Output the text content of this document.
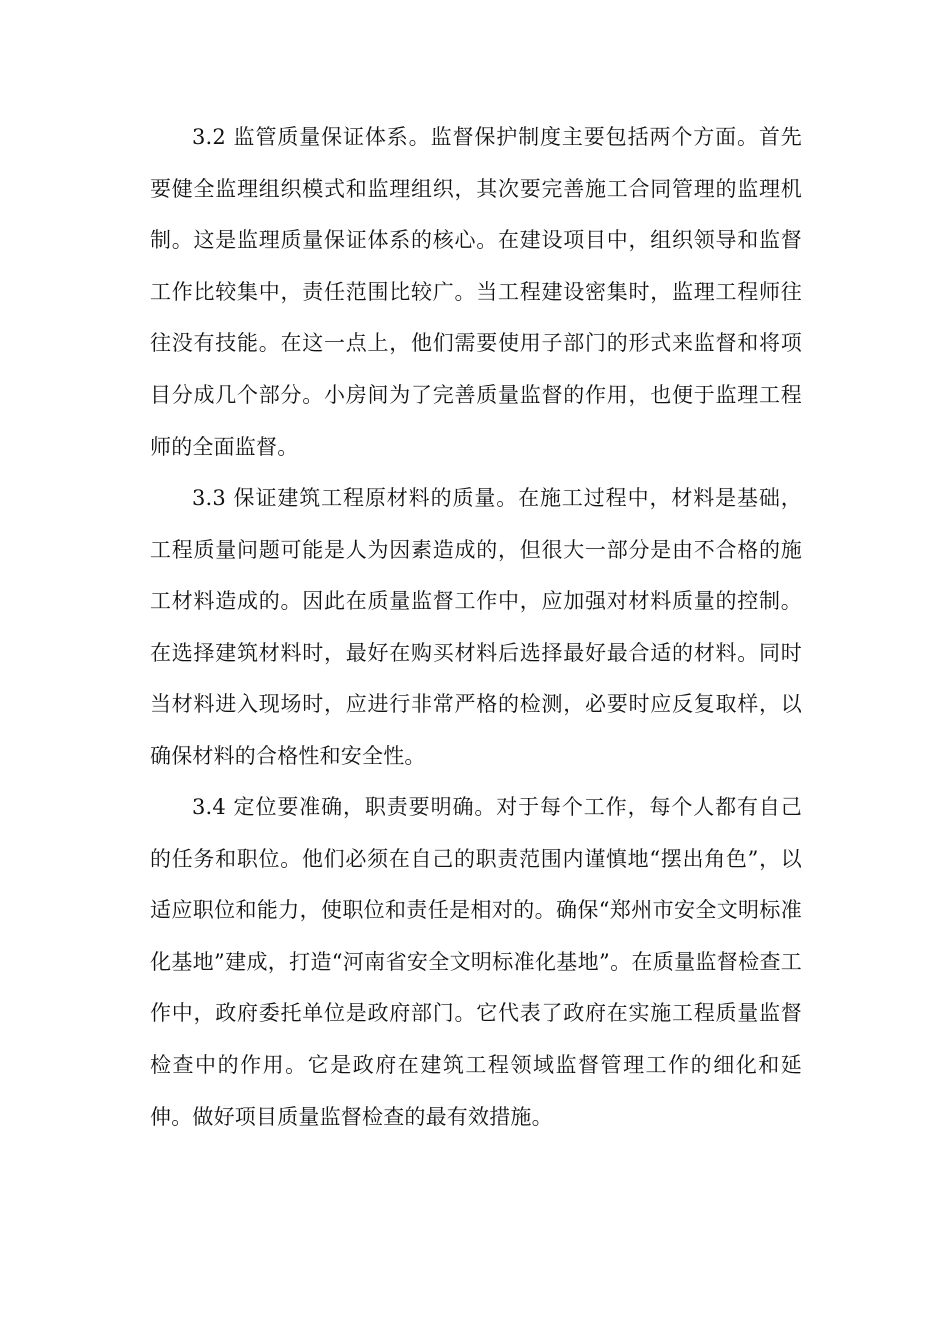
3.2 监管质量保证体系。监督保护制度主要包括两个方面。首先要健全监理组织模式和监理组织，其次要完善施工合同管理的监理机制。这是监理质量保证体系的核心。在建设项目中，组织领导和监督工作比较集中，责任范围比较广。当工程建设密集时，监理工程师往往没有技能。在这一点上，他们需要使用子部门的形式来监督和将项目分成几个部分。小房间为了完善质量监督的作用，也便于监理工程师的全面监督。

3.3 保证建筑工程原材料的质量。在施工过程中，材料是基础，工程质量问题可能是人为因素造成的，但很大一部分是由不合格的施工材料造成的。因此在质量监督工作中，应加强对材料质量的控制。在选择建筑材料时，最好在购买材料后选择最好最合适的材料。同时当材料进入现场时，应进行非常严格的检测，必要时应反复取样，以确保材料的合格性和安全性。

3.4 定位要准确，职责要明确。对于每个工作，每个人都有自己的任务和职位。他们必须在自己的职责范围内谨慎地“摆出角色”，以适应职位和能力，使职位和责任是相对的。确保“郑州市安全文明标准化基地”建成，打造“河南省安全文明标准化基地”。在质量监督检查工作中，政府委托单位是政府部门。它代表了政府在实施工程质量监督检查中的作用。它是政府在建筑工程领域监督管理工作的细化和延伸。做好项目质量监督检查的最有效措施。
